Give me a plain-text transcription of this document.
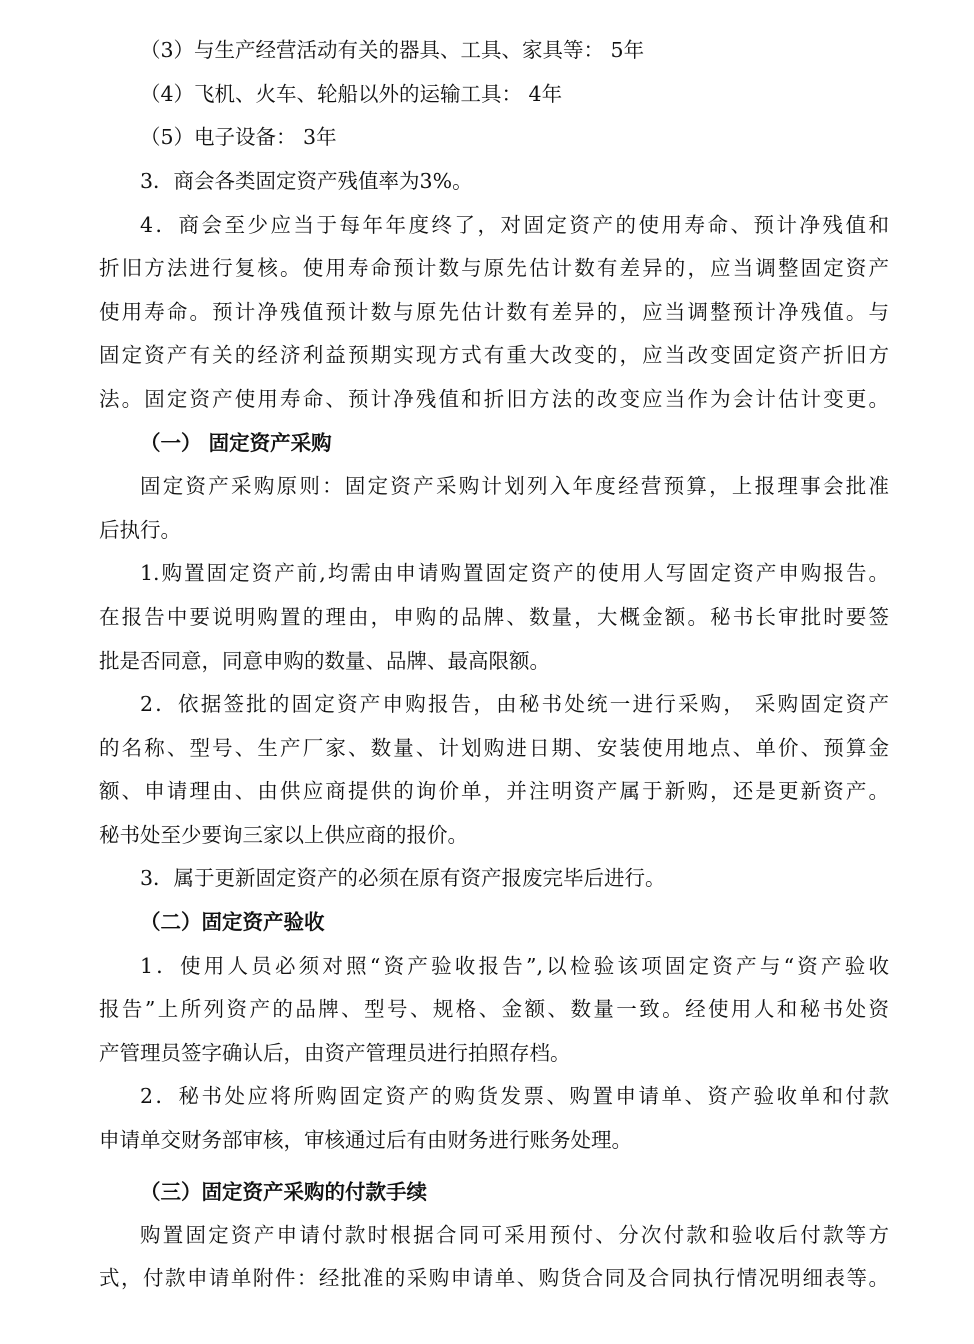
（3）与生产经营活动有关的器具、工具、家具等： 5年
（4）飞机、火车、轮船以外的运输工具： 4年
（5）电子设备： 3年
3．商会各类固定资产残值率为3%。
4．商会至少应当于每年年度终了，对固定资产的使用寿命、预计净残值和
折旧方法进行复核。使用寿命预计数与原先估计数有差异的，应当调整固定资产
使用寿命。预计净残值预计数与原先估计数有差异的，应当调整预计净残值。与
固定资产有关的经济利益预期实现方式有重大改变的，应当改变固定资产折旧方
法。固定资产使用寿命、预计净残值和折旧方法的改变应当作为会计估计变更。
（一） 固定资产采购
固定资产采购原则：固定资产采购计划列入年度经营预算，上报理事会批准
后执行。
1.购置固定资产前,均需由申请购置固定资产的使用人写固定资产申购报告。
在报告中要说明购置的理由，申购的品牌、数量，大概金额。秘书长审批时要签
批是否同意，同意申购的数量、品牌、最高限额。
2．依据签批的固定资产申购报告，由秘书处统一进行采购， 采购固定资产
的名称、型号、生产厂家、数量、计划购进日期、安装使用地点、单价、预算金
额、申请理由、由供应商提供的询价单，并注明资产属于新购，还是更新资产。
秘书处至少要询三家以上供应商的报价。
3．属于更新固定资产的必须在原有资产报废完毕后进行。
（二）固定资产验收
1．使用人员必须对照“资产验收报告”,以检验该项固定资产与“资产验收
报告”上所列资产的品牌、型号、规格、金额、数量一致。经使用人和秘书处资
产管理员签字确认后，由资产管理员进行拍照存档。
2．秘书处应将所购固定资产的购货发票、购置申请单、资产验收单和付款
申请单交财务部审核，审核通过后有由财务进行账务处理。
（三）固定资产采购的付款手续
购置固定资产申请付款时根据合同可采用预付、分次付款和验收后付款等方
式，付款申请单附件：经批准的采购申请单、购货合同及合同执行情况明细表等。
